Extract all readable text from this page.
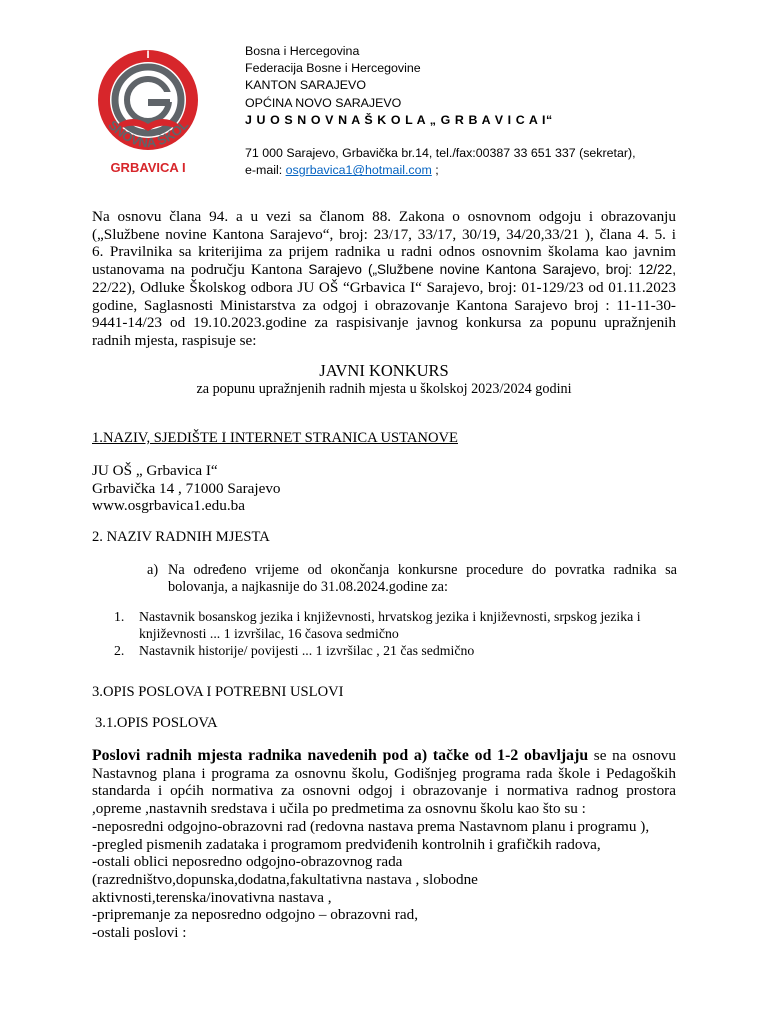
I
SNOVNA ŠKOL
GRBAVICA I
Bosna i Hercegovina
Federacija Bosne i Hercegovine
KANTON SARAJEVO
OPĆINA NOVO SARAJEVO
J U O S N O V N A Š K O L A „ G R B A V I C A I“
71 000 Sarajevo, Grbavička br.14, tel./fax:00387 33 651 337 (sekretar),
e-mail: osgrbavica1@hotmail.com ;
Na osnovu člana 94. a u vezi sa članom 88. Zakona o osnovnom odgoju i obrazovanju
(„Službene novine Kantona Sarajevo“, broj: 23/17, 33/17, 30/19, 34/20,33/21 ), člana 4. 5. i
6. Pravilnika sa kriterijima za prijem radnika u radni odnos osnovnim školama kao javnim
ustanovama na području Kantona Sarajevo („Službene novine Kantona Sarajevo, broj: 12/22,
22/22), Odluke Školskog odbora JU OŠ “Grbavica I“ Sarajevo, broj: 01-129/23 od 01.11.2023
godine, Saglasnosti Ministarstva za odgoj i obrazovanje Kantona Sarajevo broj : 11-11-30-
9441-14/23 od 19.10.2023.godine za raspisivanje javnog konkursa za popunu upražnjenih
radnih mjesta, raspisuje se:
JAVNI KONKURS
za popunu upražnjenih radnih mjesta u školskoj 2023/2024 godini
1.NAZIV, SJEDIŠTE I INTERNET STRANICA USTANOVE
JU OŠ „ Grbavica I“
Grbavička 14 , 71000 Sarajevo
www.osgrbavica1.edu.ba
2. NAZIV RADNIH MJESTA
a) Na određeno vrijeme od okončanja konkursne procedure do povratka radnika sa
bolovanja, a najkasnije do 31.08.2024.godine za:
1. Nastavnik bosanskog jezika i književnosti, hrvatskog jezika i književnosti, srpskog jezika i
književnosti ... 1 izvršilac, 16 časova sedmično
2. Nastavnik historije/ povijesti ... 1 izvršilac , 21 čas sedmično
3.OPIS POSLOVA I POTREBNI USLOVI
3.1.OPIS POSLOVA
Poslovi radnih mjesta radnika navedenih pod a) tačke od 1-2 obavljaju se na osnovu
Nastavnog plana i programa za osnovnu školu, Godišnjeg programa rada škole i Pedagoških
standarda i općih normativa za osnovni odgoj i obrazovanje i normativa radnog prostora
,opreme ,nastavnih sredstava i učila po predmetima za osnovnu školu kao što su :
-neposredni odgojno-obrazovni rad (redovna nastava prema Nastavnom planu i programu ),
-pregled pismenih zadataka i programom predviđenih kontrolnih i grafičkih radova,
-ostali oblici neposredno odgojno-obrazovnog rada
(razredništvo,dopunska,dodatna,fakultativna nastava , slobodne
aktivnosti,terenska/inovativna nastava ,
-pripremanje za neposredno odgojno – obrazovni rad,
-ostali poslovi :
